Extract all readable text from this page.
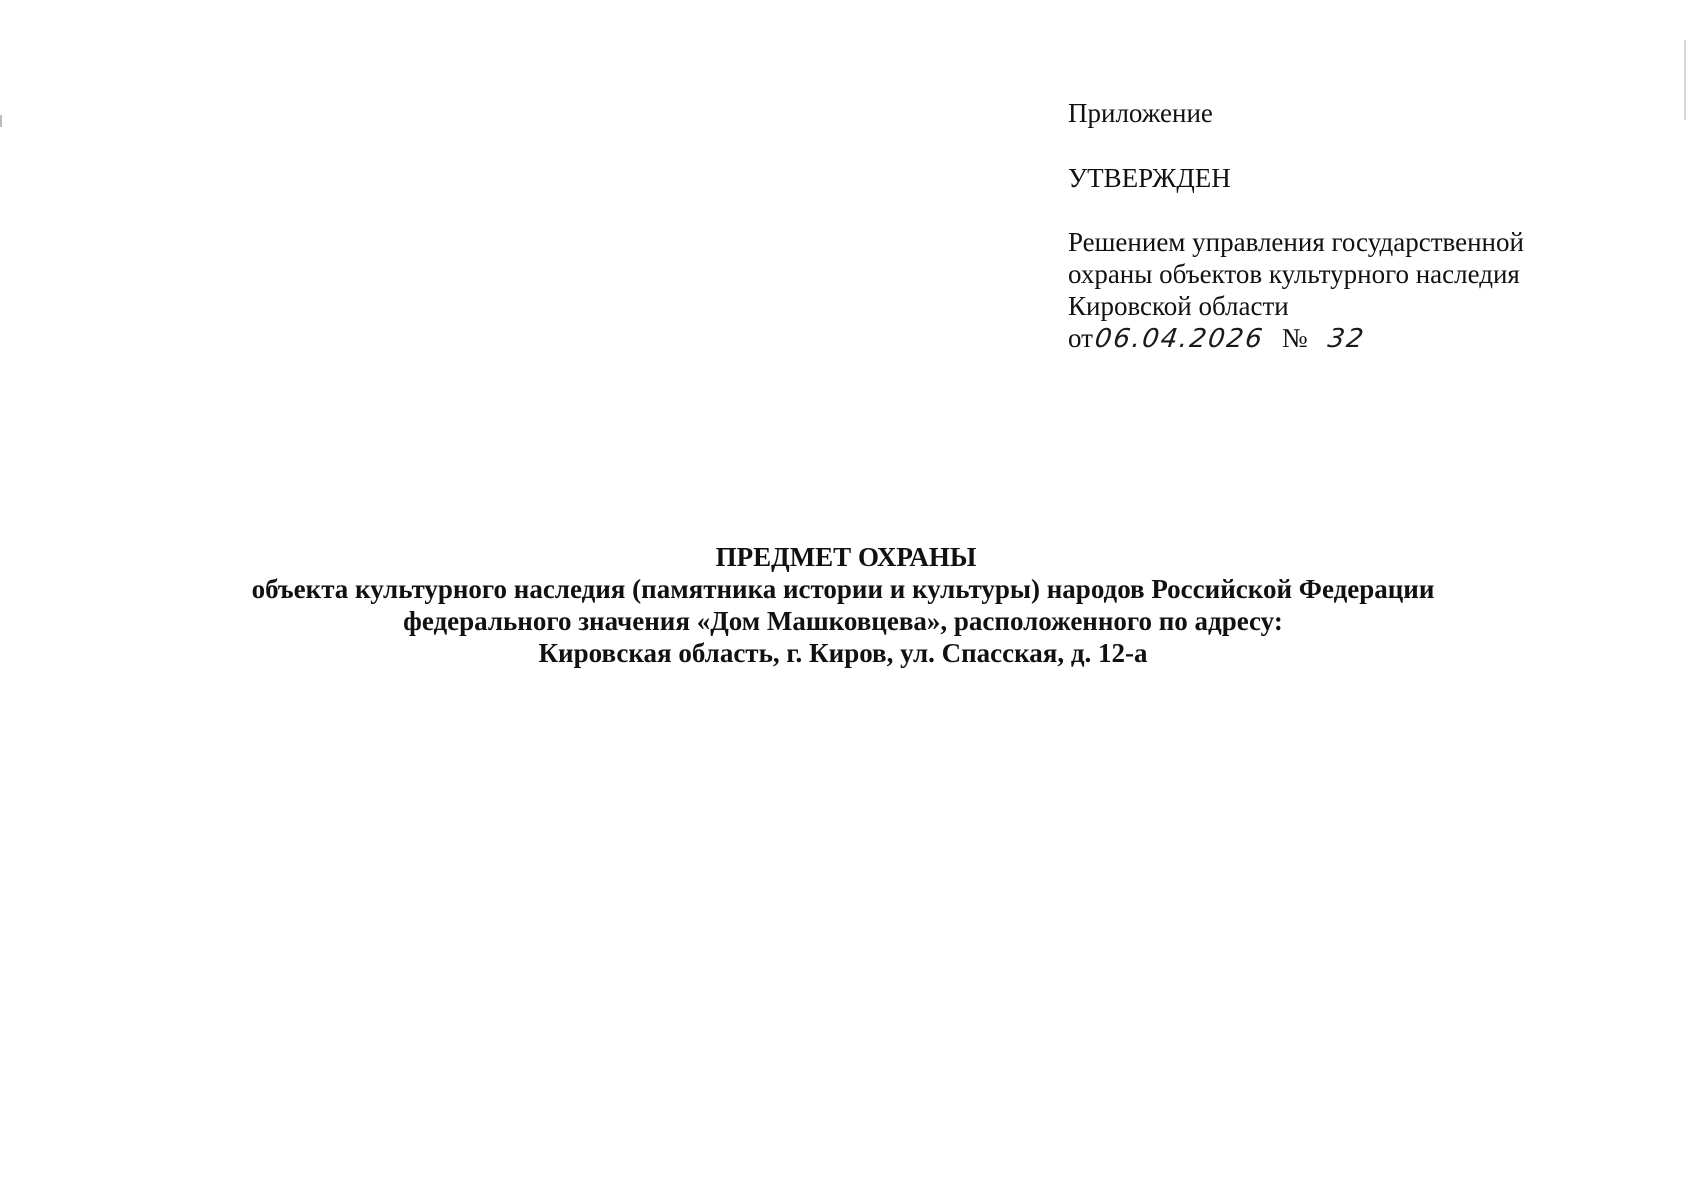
Приложение
УТВЕРЖДЕН
Решением управления государственной
охраны объектов культурного наследия
Кировской области
от06.04.2026 № 32
ПРЕДМЕТ ОХРАНЫ
объекта культурного наследия (памятника истории и культуры) народов Российской Федерации
федерального значения «Дом Машковцева», расположенного по адресу:
Кировская область, г. Киров, ул. Спасская, д. 12-а
